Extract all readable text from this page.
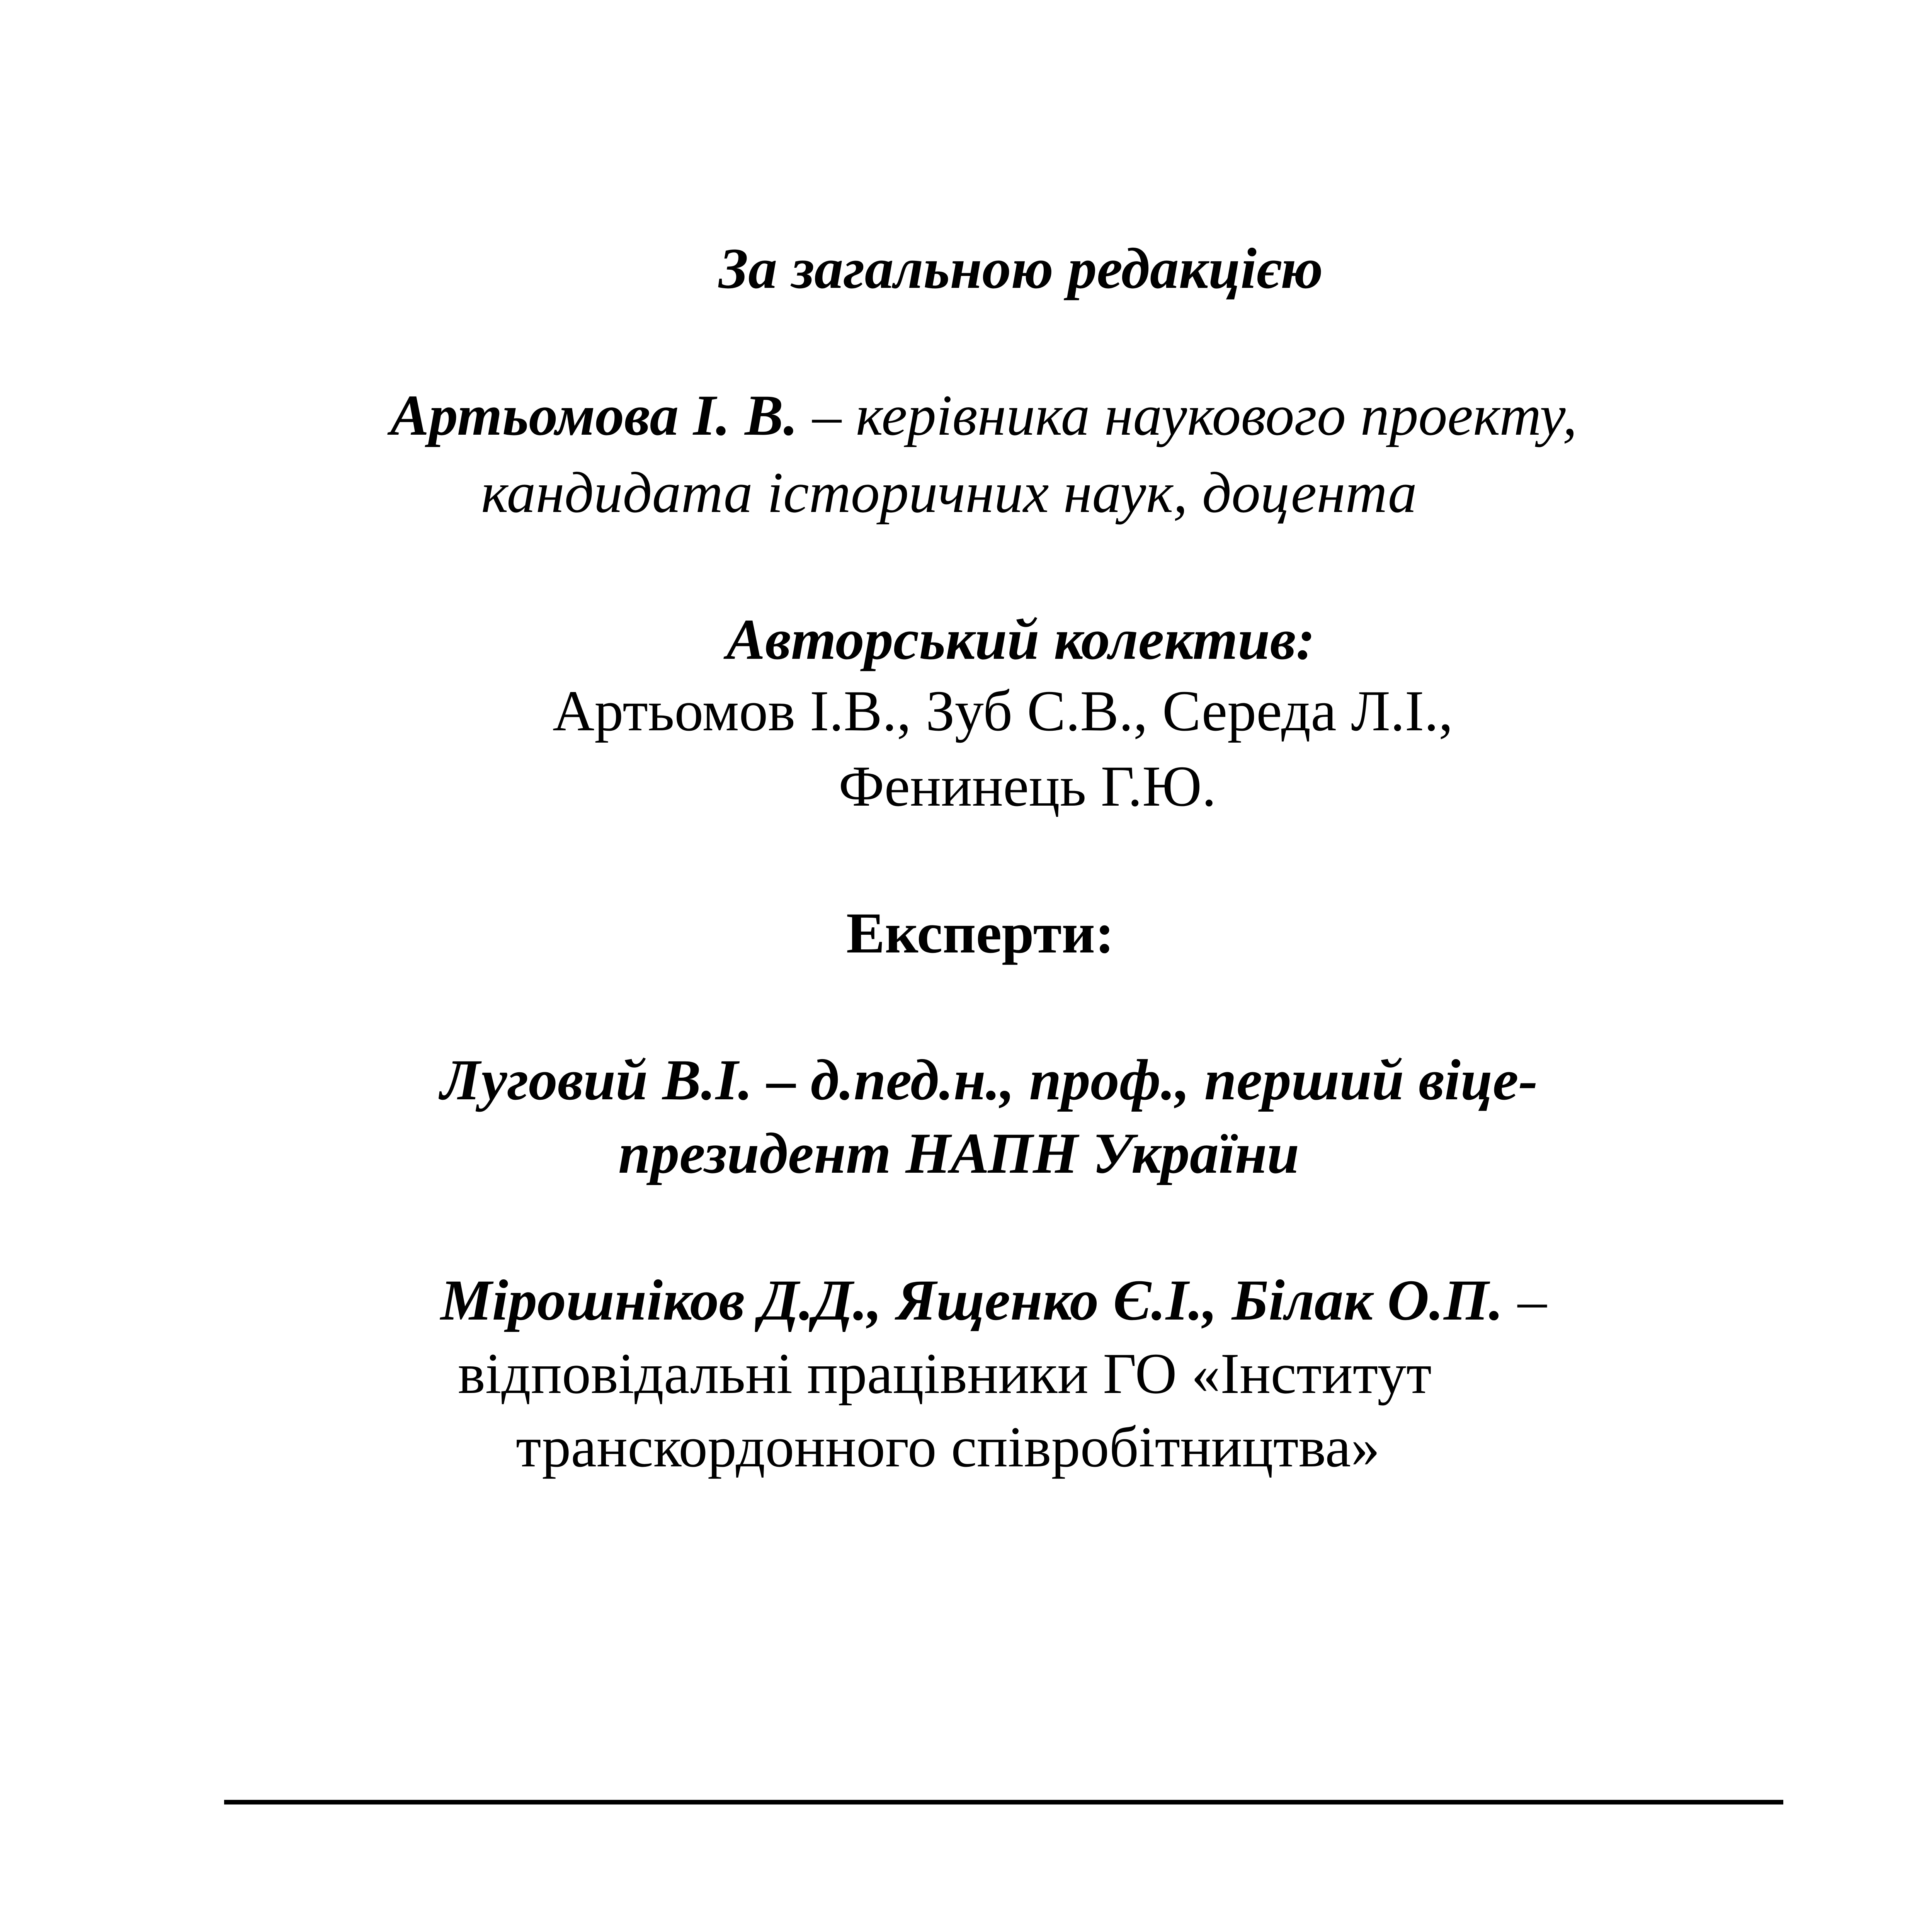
За загальною редакцією
Артьомова І. В. – керівника наукового проекту,
кандидата історичних наук, доцента
Авторський колектив:
Артьомов І.В., Зуб С.В., Середа Л.І.,
Фенинець Г.Ю.
Експерти:
Луговий В.І. – д.пед.н., проф., перший віце-
президент НАПН України
Мірошніков Д.Д., Ященко Є.І., Білак О.П. –
відповідальні працівники ГО «Інститут
транскордонного співробітництва»
